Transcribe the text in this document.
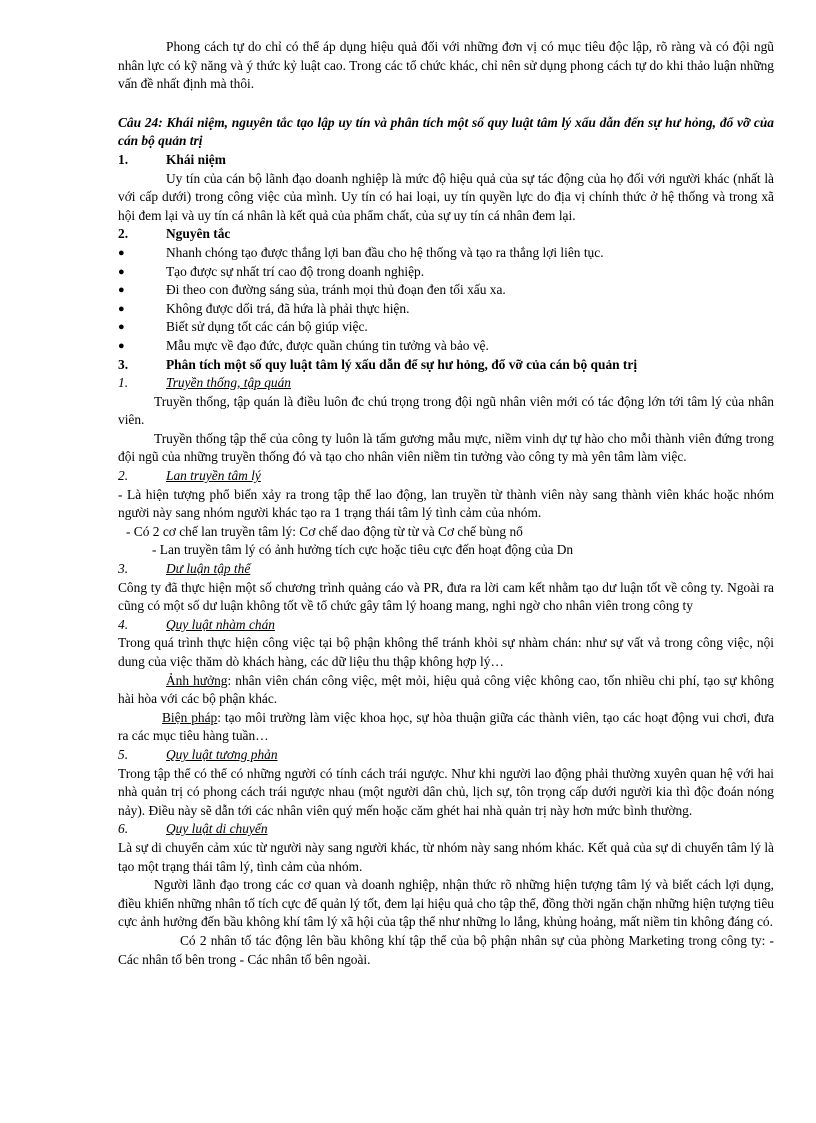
Phong cách tự do chỉ có thể áp dụng hiệu quả đối với những đơn vị có mục tiêu độc lập, rõ ràng và có đội ngũ nhân lực có kỹ năng và ý thức kỷ luật cao. Trong các tổ chức khác, chỉ nên sử dụng phong cách tự do khi thảo luận những vấn đề nhất định mà thôi.

Câu 24: Khái niệm, nguyên tắc tạo lập uy tín và phân tích một số quy luật tâm lý xấu dẫn đến sự hư hỏng, đổ vỡ của cán bộ quản trị

1.	Khái niệm

Uy tín của cán bộ lãnh đạo doanh nghiệp là mức độ hiệu quả của sự tác động của họ đối với người khác (nhất là với cấp dưới) trong công việc của mình. Uy tín có hai loại, uy tín quyền lực do địa vị chính thức ở hệ thống và trong xã hội đem lại và uy tín cá nhân là kết quả của phẩm chất, của sự uy tín cá nhân đem lại.

2.	Nguyên tắc
●	Nhanh chóng tạo được thắng lợi ban đầu cho hệ thống và tạo ra thắng lợi liên tục.
●	Tạo được sự nhất trí cao độ trong doanh nghiệp.
●	Đi theo con đường sáng sủa, tránh mọi thủ đoạn đen tối xấu xa.
●	Không được dối trá, đã hứa là phải thực hiện.
●	Biết sử dụng tốt các cán bộ giúp việc.
●	Mẫu mực về đạo đức, được quần chúng tin tưởng và bảo vệ.
3.	Phân tích một số quy luật tâm lý xấu dẫn để sự hư hỏng, đổ vỡ của cán bộ quản trị
1.	Truyền thống, tập quán

Truyền thống, tập quán là điều luôn đc chú trọng trong đội ngũ nhân viên mới có tác động lớn tới tâm lý của nhân viên.

Truyền thống tập thể của công ty luôn là tấm gương mẫu mực, niềm vinh dự tự hào cho mỗi thành viên đứng trong đội ngũ của những truyền thống đó và tạo cho nhân viên niềm tin tưởng vào công ty mà yên tâm làm việc.

2.	Lan truyền tâm lý

- Là hiện tượng phổ biến xảy ra trong tập thể lao động, lan truyền từ thành viên này sang thành viên khác hoặc nhóm người này sang nhóm người khác tạo ra 1 trạng thái tâm lý tình cảm của nhóm.

- Có 2 cơ chế lan truyền tâm lý: Cơ chế dao động từ từ và Cơ chế bùng nổ

- Lan truyền tâm lý có ảnh hưởng tích cực hoặc tiêu cực đến hoạt động của Dn

3.	Dư luận tập thể

Công ty đã thực hiện một số chương trình quảng cáo và PR, đưa ra lời cam kết nhằm tạo dư luận tốt về công ty. Ngoài ra cũng có một số dư luận không tốt về tổ chức gây tâm lý hoang mang, nghi ngờ cho nhân viên trong công ty

4.	Quy luật nhàm chán

Trong quá trình thực hiện công việc tại bộ phận không thể tránh khỏi sự nhàm chán: như sự vất vả trong công việc, nội dung của việc thăm dò khách hàng, các dữ liệu thu thập không hợp lý…

Ảnh hưởng: nhân viên chán công việc, mệt mỏi, hiệu quả công việc không cao, tốn nhiều chi phí, tạo sự không hài hòa với các bộ phận khác.

Biện pháp: tạo môi trường làm việc khoa học, sự hòa thuận giữa các thành viên, tạo các hoạt động vui chơi, đưa ra các mục tiêu hàng tuần…

5.	Quy luật tương phản

Trong tập thể có thể có những người có tính cách trái ngược. Như khi người lao động phải thường xuyên quan hệ với hai nhà quản trị có phong cách trái ngược nhau (một người dân chủ, lịch sự, tôn trọng cấp dưới người kia thì độc đoán nóng nảy). Điều này sẽ dẫn tới các nhân viên quý mến hoặc căm ghét hai nhà quản trị này hơn mức bình thường.

6.	Quy luật di chuyển

Là sự di chuyển cảm xúc từ người này sang người khác, từ nhóm này sang nhóm khác. Kết quả của sự di chuyển tâm lý là tạo một trạng thái tâm lý, tình cảm của nhóm.

Người lãnh đạo trong các cơ quan và doanh nghiệp, nhận thức rõ những hiện tượng tâm lý và biết cách lợi dụng, điều khiển những nhân tố tích cực để quản lý tốt, đem lại hiệu quả cho tập thể, đồng thời ngăn chặn những hiện tượng tiêu cực ảnh hưởng đến bầu không khí tâm lý xã hội của tập thể như những lo lắng, khủng hoảng, mất niềm tin không đáng có.

Có 2 nhân tố tác động lên bầu không khí tập thể của bộ phận nhân sự của phòng Marketing trong công ty: - Các nhân tố bên trong - Các nhân tố bên ngoài.
